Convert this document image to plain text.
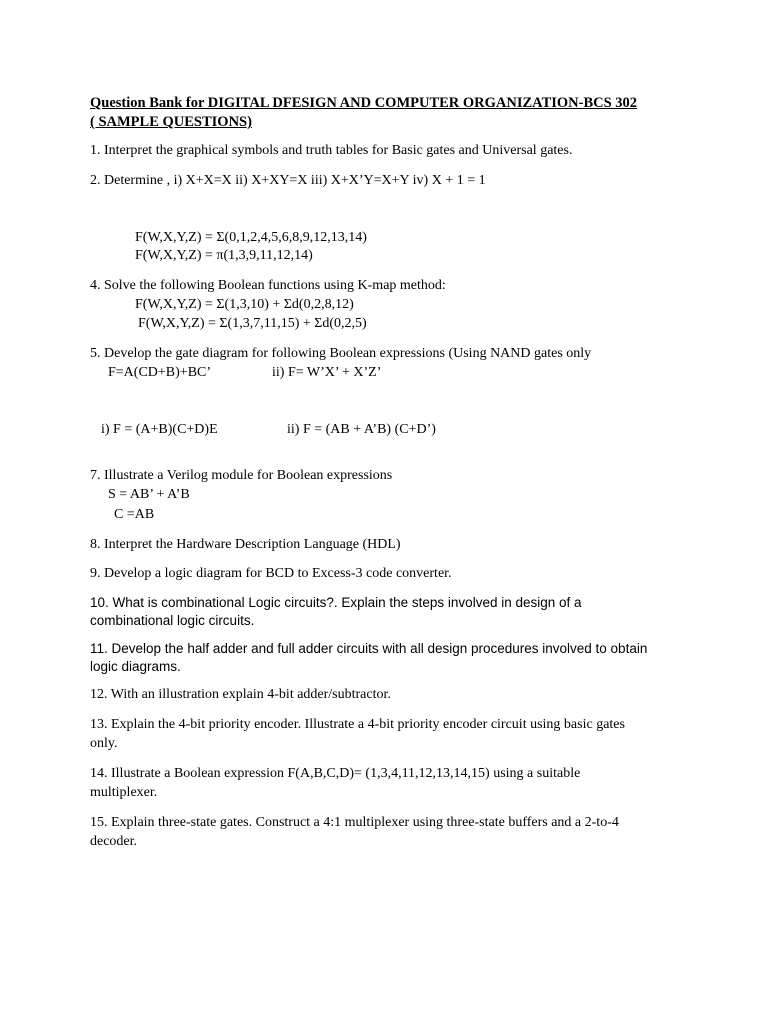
Question Bank for DIGITAL DFESIGN AND COMPUTER ORGANIZATION-BCS 302
( SAMPLE QUESTIONS)
1. Interpret the graphical symbols and truth tables for Basic gates and Universal gates.
2. Determine , i) X+X=X ii) X+XY=X iii) X+X’Y=X+Y iv) X + 1 = 1
F(W,X,Y,Z) = Σ(0,1,2,4,5,6,8,9,12,13,14)
F(W,X,Y,Z) = π(1,3,9,11,12,14)
4. Solve the following Boolean functions using K-map method:
F(W,X,Y,Z) = Σ(1,3,10) + Σd(0,2,8,12)
F(W,X,Y,Z) = Σ(1,3,7,11,15) + Σd(0,2,5)
5. Develop the gate diagram for following Boolean expressions (Using NAND gates only
F=A(CD+B)+BC’	ii) F= W’X’ + X’Z’
i) F = (A+B)(C+D)E	ii) F = (AB + A’B) (C+D’)
7. Illustrate a Verilog module for Boolean expressions
S = AB’ + A’B
C =AB
8. Interpret the Hardware Description Language (HDL)
9. Develop a logic diagram for BCD to Excess-3 code converter.
10. What is combinational Logic circuits?. Explain the steps involved in design of a
combinational logic circuits.
11. Develop the half adder and full adder circuits with all design procedures involved to obtain
logic diagrams.
12. With an illustration explain 4-bit adder/subtractor.
13. Explain the 4-bit priority encoder. Illustrate a 4-bit priority encoder circuit using basic gates
only.
14. Illustrate a Boolean expression F(A,B,C,D)= (1,3,4,11,12,13,14,15) using a suitable
multiplexer.
15. Explain three-state gates. Construct a 4:1 multiplexer using three-state buffers and a 2-to-4
decoder.
